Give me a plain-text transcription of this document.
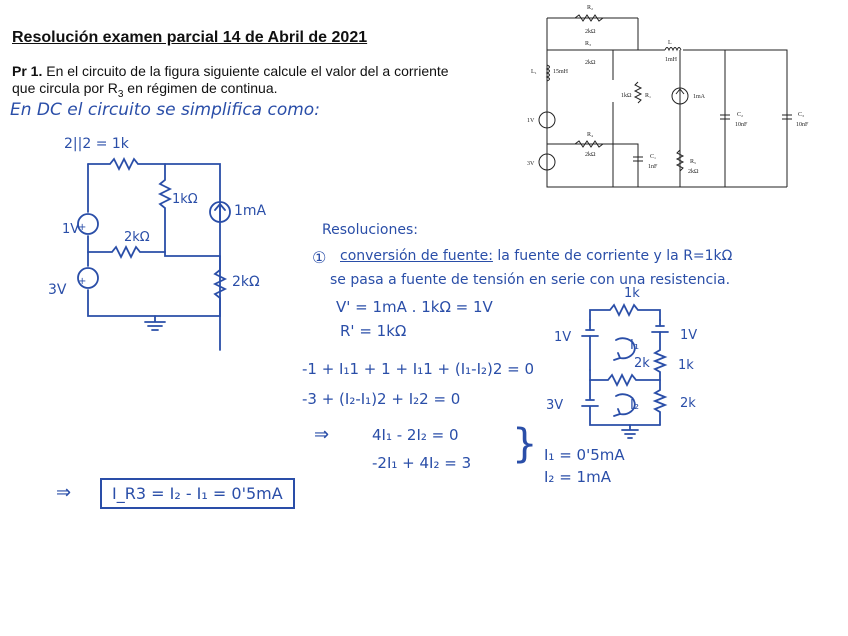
Resolución examen parcial 14 de Abril de 2021

Pr 1. En el circuito de la figura siguiente calcule el valor del a corriente que circula por $R_3$ en régimen de continua.

R₂
2kΩ
R₃
2kΩ
L
1mH
L₁	15mH
R₁
1kΩ	1mA
1V
C₂
10nF
C₃
10nF
R₄
2kΩ
3V
C₁
1nF
R₅
2kΩ
En DC el circuito se simplifica como:
+
+
2||2 = 1k
1kΩ
1mA
1V
2kΩ
3V	2kΩ
Resoluciones:
① conversión de fuente: la fuente de corriente y la R=1kΩ
se pasa a fuente de tensión en serie con una resistencia.
V' = 1mA . 1kΩ = 1V
R' = 1kΩ
-1 + I₁1 + 1 + I₁1 + (I₁-I₂)2 = 0
-3 + (I₂-I₁)2 + I₂2 = 0
⇒	4I₁ - 2I₂ = 0
-2I₁ + 4I₂ = 3 } I₁ = 0'5mA
I₂ = 1mA
⇒	I_R3 = I₂ - I₁ = 0'5mA
1k
1V	1V
I₁
2k 1k
3V	I₂	2k
